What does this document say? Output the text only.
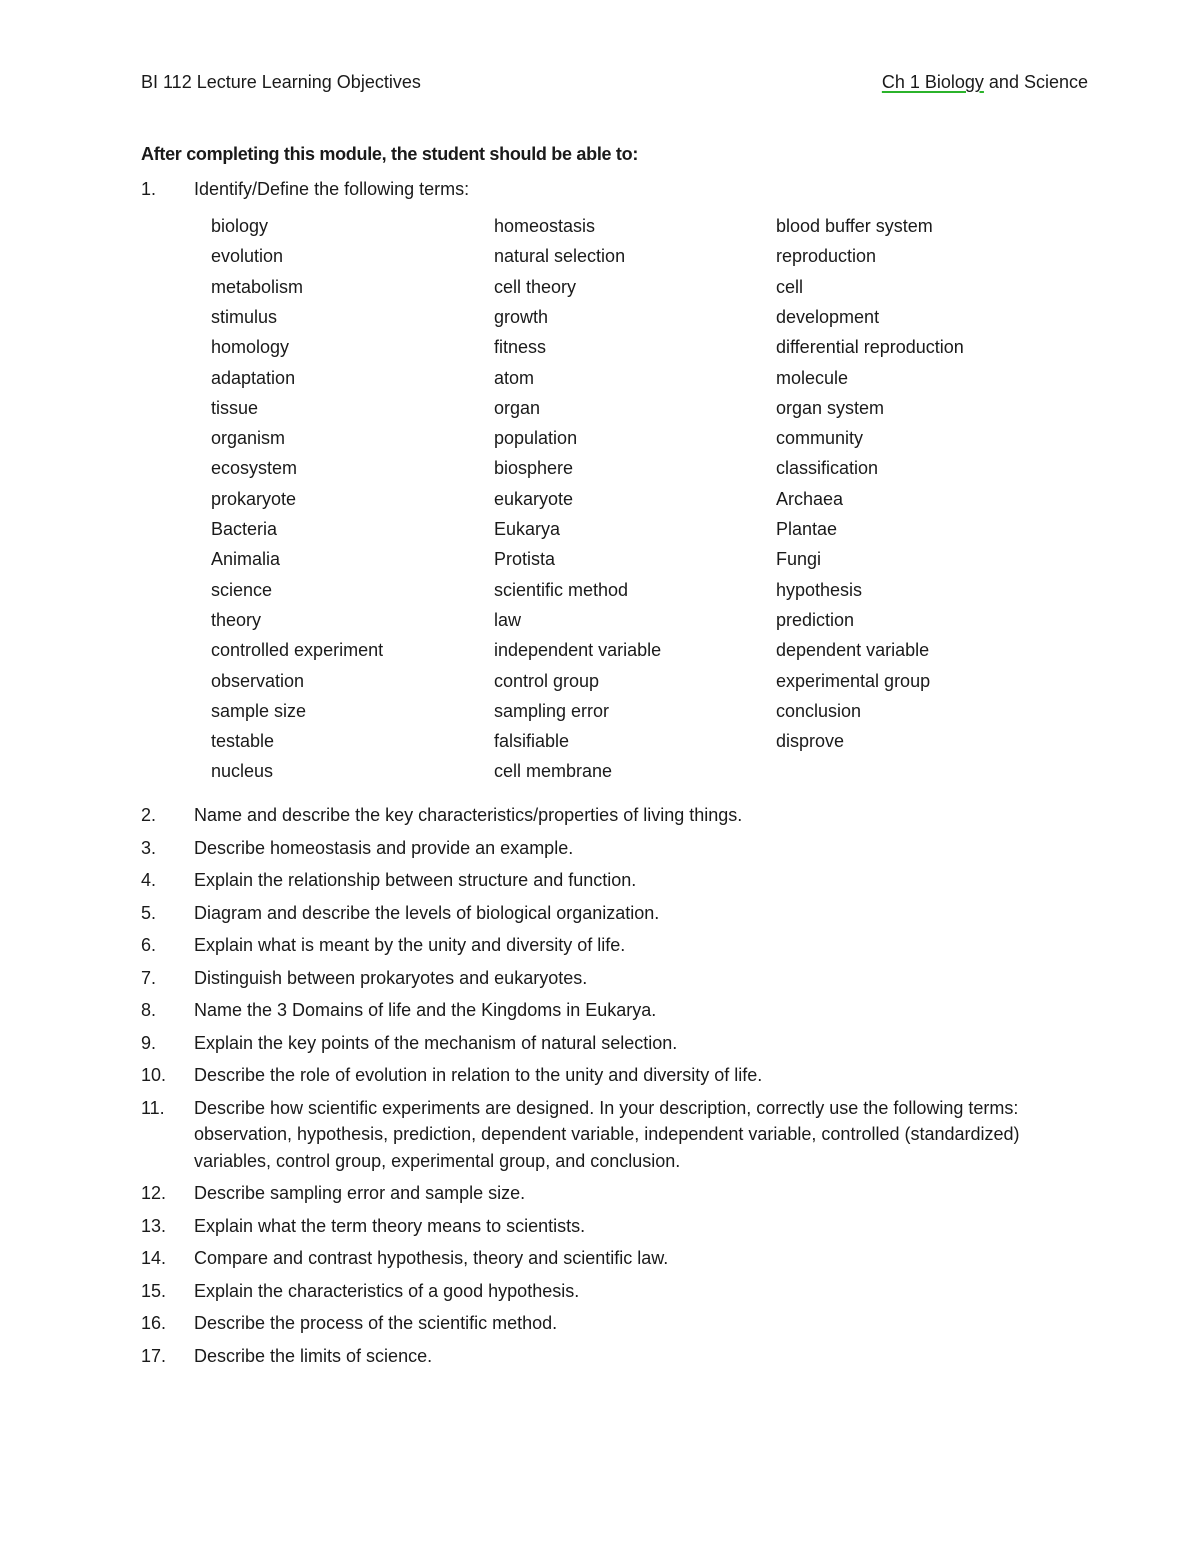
BI 112 Lecture Learning Objectives	Ch 1 Biology and Science
After completing this module, the student should be able to:
1. Identify/Define the following terms:
biology	homeostasis	blood buffer system
evolution	natural selection	reproduction
metabolism	cell theory	cell
stimulus	growth	development
homology	fitness	differential reproduction
adaptation	atom	molecule
tissue	organ	organ system
organism	population	community
ecosystem	biosphere	classification
prokaryote	eukaryote	Archaea
Bacteria	Eukarya	Plantae
Animalia	Protista	Fungi
science	scientific method	hypothesis
theory	law	prediction
controlled experiment	independent variable	dependent variable
observation	control group	experimental group
sample size	sampling error	conclusion
testable	falsifiable	disprove
nucleus	cell membrane
2. Name and describe the key characteristics/properties of living things.
3. Describe homeostasis and provide an example.
4. Explain the relationship between structure and function.
5. Diagram and describe the levels of biological organization.
6. Explain what is meant by the unity and diversity of life.
7. Distinguish between prokaryotes and eukaryotes.
8. Name the 3 Domains of life and the Kingdoms in Eukarya.
9. Explain the key points of the mechanism of natural selection.
10. Describe the role of evolution in relation to the unity and diversity of life.
11. Describe how scientific experiments are designed. In your description, correctly use the following terms: observation, hypothesis, prediction, dependent variable, independent variable, controlled (standardized) variables, control group, experimental group, and conclusion.
12. Describe sampling error and sample size.
13. Explain what the term theory means to scientists.
14. Compare and contrast hypothesis, theory and scientific law.
15. Explain the characteristics of a good hypothesis.
16. Describe the process of the scientific method.
17. Describe the limits of science.
